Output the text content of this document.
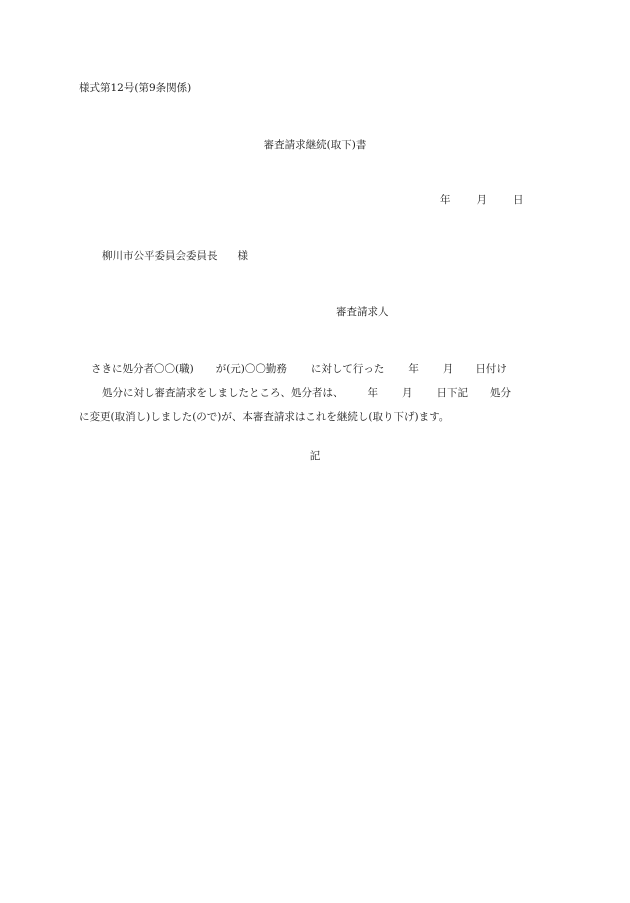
様式第12号(第9条関係)
審査請求継続(取下)書
年 月 日
柳川市公平委員会委員長 様
審査請求人
さきに処分者〇〇(職) が(元)〇〇勤務 に対して行った 年 月 日付け
処分に対し審査請求をしましたところ、処分者は、 年 月 日下記 処分
に変更(取消し)しました(ので)が、本審査請求はこれを継続し(取り下げ)ます。
記
